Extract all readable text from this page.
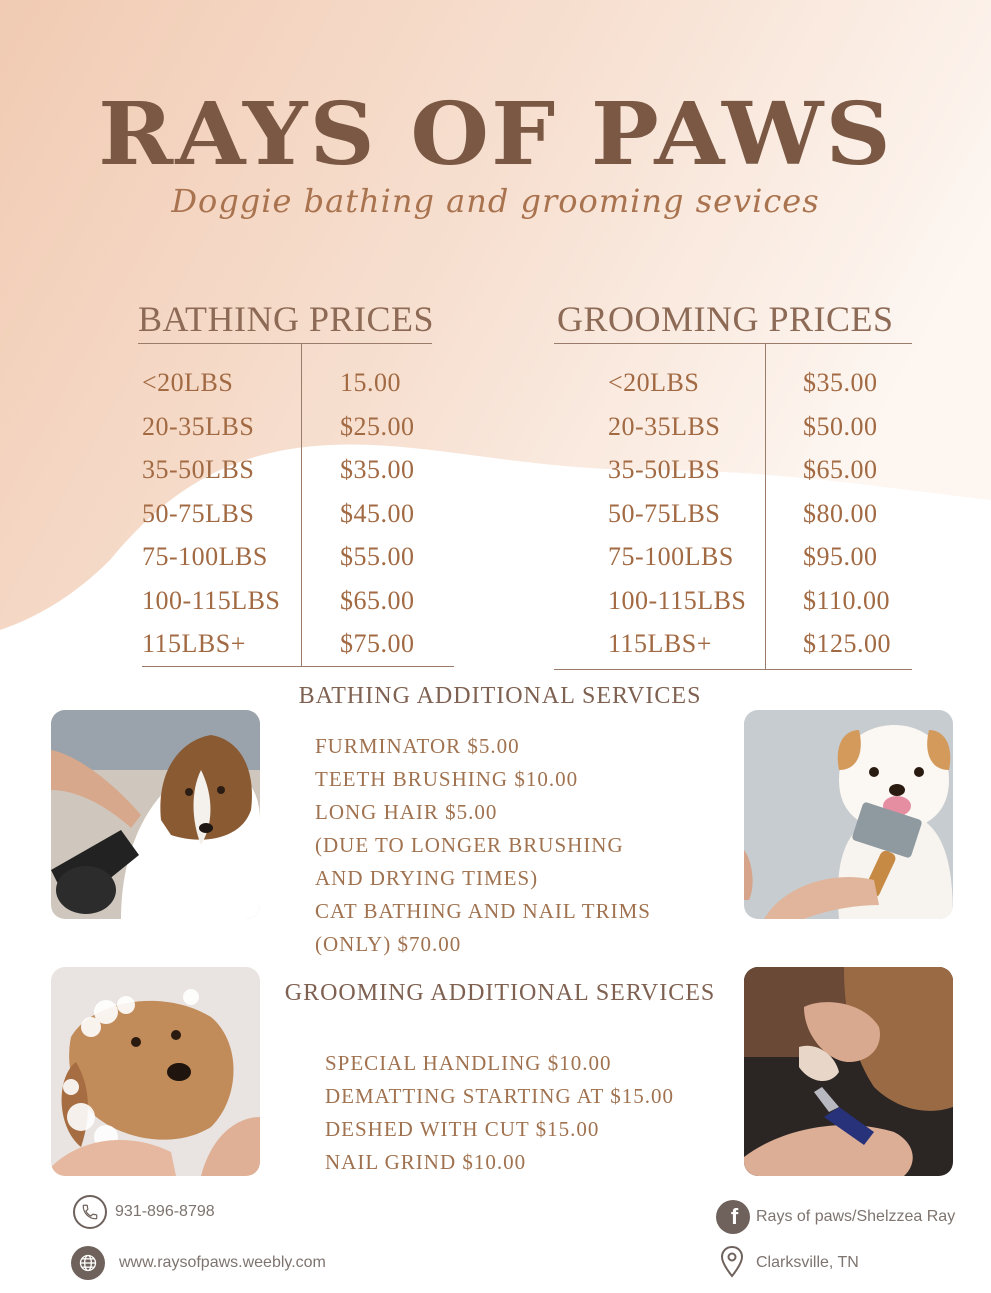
RAYS OF PAWS
Doggie bathing and grooming sevices
BATHING PRICES
<20LBS	15.00
20-35LBS	$25.00
35-50LBS	$35.00
50-75LBS	$45.00
75-100LBS	$55.00
100-115LBS $65.00
115LBS+	$75.00
GROOMING PRICES
<20LBS	$35.00
20-35LBS	$50.00
35-50LBS	$65.00
50-75LBS	$80.00
75-100LBS	$95.00
100-115LBS $110.00
115LBS+	$125.00
BATHING ADDITIONAL SERVICES
FURMINATOR $5.00
TEETH BRUSHING $10.00
LONG HAIR $5.00
(DUE TO LONGER BRUSHING
AND DRYING TIMES)
CAT BATHING AND NAIL TRIMS
(ONLY) $70.00
GROOMING ADDITIONAL SERVICES
SPECIAL HANDLING $10.00
DEMATTING STARTING AT $15.00
DESHED WITH CUT $15.00
NAIL GRIND $10.00
931-896-8798
www.raysofpaws.weebly.com
f Rays of paws/Shelzzea Ray
Clarksville, TN
